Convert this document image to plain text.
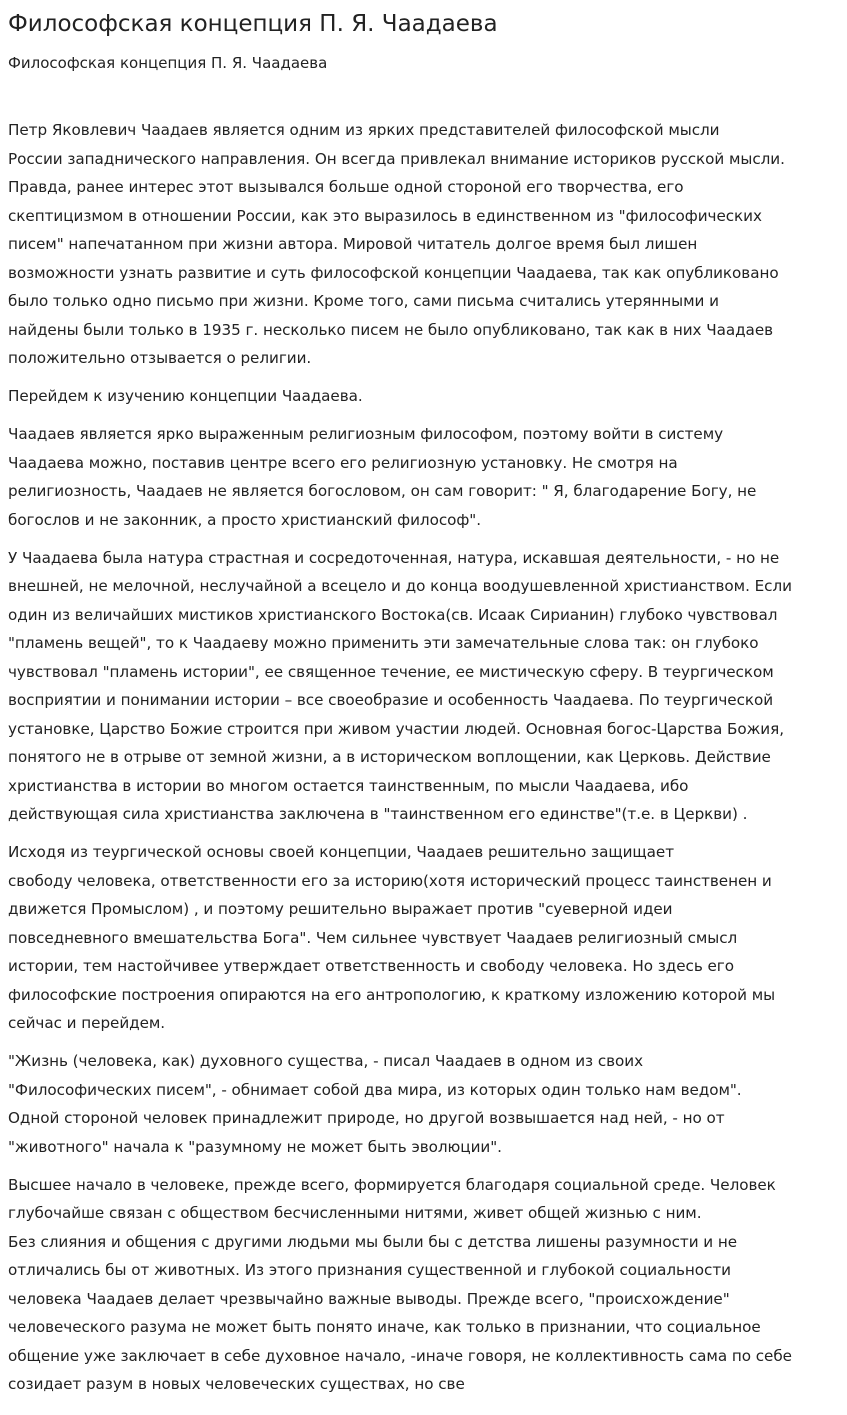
Философская концепция П. Я. Чаадаева
Философская концепция П. Я. Чаадаева

Петр Яковлевич Чаадаев является одним из ярких представителей философской мысли
России западнического направления. Он всегда привлекал внимание историков русской мысли.
Правда, ранее интерес этот вызывался больше одной стороной его творчества, его
скептицизмом в отношении России, как это выразилось в единственном из "философических
писем" напечатанном при жизни автора. Мировой читатель долгое время был лишен
возможности узнать развитие и суть философской концепции Чаадаева, так как опубликовано
было только одно письмо при жизни. Кроме того, сами письма считались утерянными и
найдены были только в 1935 г. несколько писем не было опубликовано, так как в них Чаадаев
положительно отзывается о религии.

Перейдем к изучению концепции Чаадаева.

Чаадаев является ярко выраженным религиозным философом, поэтому войти в систему
Чаадаева можно, поставив центре всего его религиозную установку. Не смотря на
религиозность, Чаадаев не является богословом, он сам говорит: " Я, благодарение Богу, не
богослов и не законник, а просто христианский философ".

У Чаадаева была натура страстная и сосредоточенная, натура, искавшая деятельности, - но не
внешней, не мелочной, неслучайной а всецело и до конца воодушевленной христианством. Если
один из величайших мистиков христианского Востока(св. Исаак Сирианин) глубоко чувствовал
"пламень вещей", то к Чаадаеву можно применить эти замечательные слова так: он глубоко
чувствовал "пламень истории", ее священное течение, ее мистическую сферу. В теургическом
восприятии и понимании истории – все своеобразие и особенность Чаадаева. По теургической
установке, Царство Божие строится при живом участии людей. Основная богос-Царства Божия,
понятого не в отрыве от земной жизни, а в историческом воплощении, как Церковь. Действие
христианства в истории во многом остается таинственным, по мысли Чаадаева, ибо
действующая сила христианства заключена в "таинственном его единстве"(т.е. в Церкви) .

Исходя из теургической основы своей концепции, Чаадаев решительно защищает
свободу человека, ответственности его за историю(хотя исторический процесс таинственен и
движется Промыслом) , и поэтому решительно выражает против "суеверной идеи
повседневного вмешательства Бога". Чем сильнее чувствует Чаадаев религиозный смысл
истории, тем настойчивее утверждает ответственность и свободу человека. Но здесь его
философские построения опираются на его антропологию, к краткому изложению которой мы
сейчас и перейдем.

"Жизнь (человека, как) духовного существа, - писал Чаадаев в одном из своих
"Философических писем", - обнимает собой два мира, из которых один только нам ведом".
Одной стороной человек принадлежит природе, но другой возвышается над ней, - но от
"животного" начала к "разумному не может быть эволюции".

Высшее начало в человеке, прежде всего, формируется благодаря социальной среде. Человек
глубочайше связан с обществом бесчисленными нитями, живет общей жизнью с ним.
Без слияния и общения с другими людьми мы были бы с детства лишены разумности и не
отличались бы от животных. Из этого признания существенной и глубокой социальности
человека Чаадаев делает чрезвычайно важные выводы. Прежде всего, "происхождение"
человеческого разума не может быть понято иначе, как только в признании, что социальное
общение уже заключает в себе духовное начало, -иначе говоря, не коллективность сама по себе
созидает разум в новых человеческих существах, но све
